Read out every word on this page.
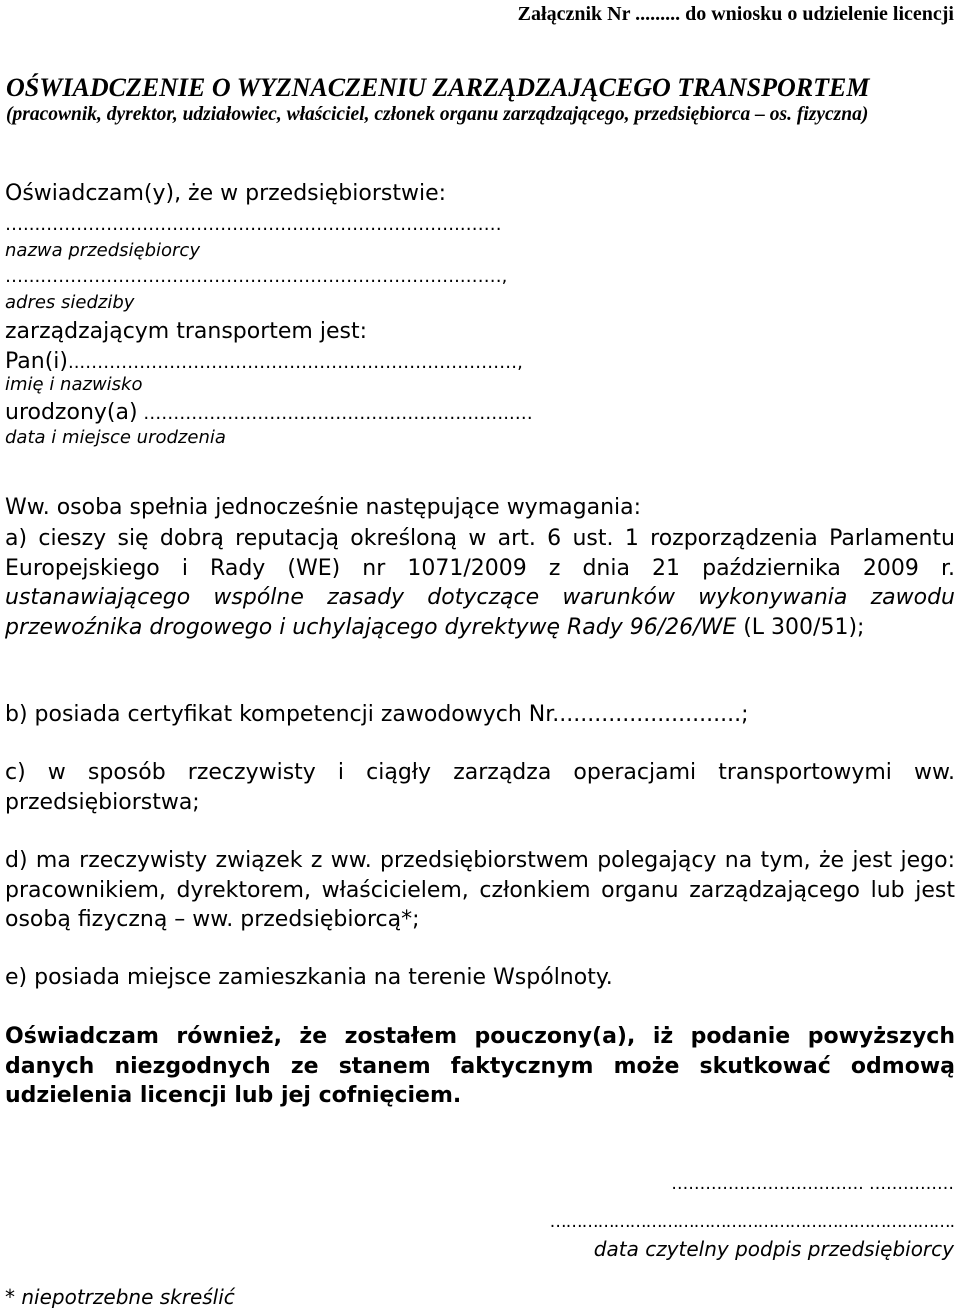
Załącznik Nr ......... do wniosku o udzielenie licencji
OŚWIADCZENIE O WYZNACZENIU ZARZĄDZAJĄCEGO TRANSPORTEM
(pracownik, dyrektor, udziałowiec, właściciel, członek organu zarządzającego, przedsiębiorca – os. fizyczna)
Oświadczam(y), że w przedsiębiorstwie:
…...……………………………………………………………..……
nazwa przedsiębiorcy
…...……………………………………………………………..……,
adres siedziby
zarządzającym transportem jest:
Pan(i)...………………………………………………………………,
imię i nazwisko
urodzony(a) ……………………………………………………..…
data i miejsce urodzenia
Ww. osoba spełnia jednocześnie następujące wymagania:
a) cieszy się dobrą reputacją określoną w art. 6 ust. 1 rozporządzenia Parlamentu Europejskiego i Rady (WE) nr 1071/2009 z dnia 21 października 2009 r. ustanawiającego wspólne zasady dotyczące warunków wykonywania zawodu przewoźnika drogowego i uchylającego dyrektywę Rady 96/26/WE (L 300/51);
b) posiada certyfikat kompetencji zawodowych Nr...........................;
c) w sposób rzeczywisty i ciągły zarządza operacjami transportowymi ww. przedsiębiorstwa;
d) ma rzeczywisty związek z ww. przedsiębiorstwem polegający na tym, że jest jego: pracownikiem, dyrektorem, właścicielem, członkiem organu zarządzającego lub jest osobą fizyczną – ww. przedsiębiorcą*;
e) posiada miejsce zamieszkania na terenie Wspólnoty.
Oświadczam również, że zostałem pouczony(a), iż podanie powyższych danych niezgodnych ze stanem faktycznym może skutkować odmową udzielenia licencji lub jej cofnięciem.
……………………………. ……………
………………………………………………………………….
data czytelny podpis przedsiębiorcy
* niepotrzebne skreślić
